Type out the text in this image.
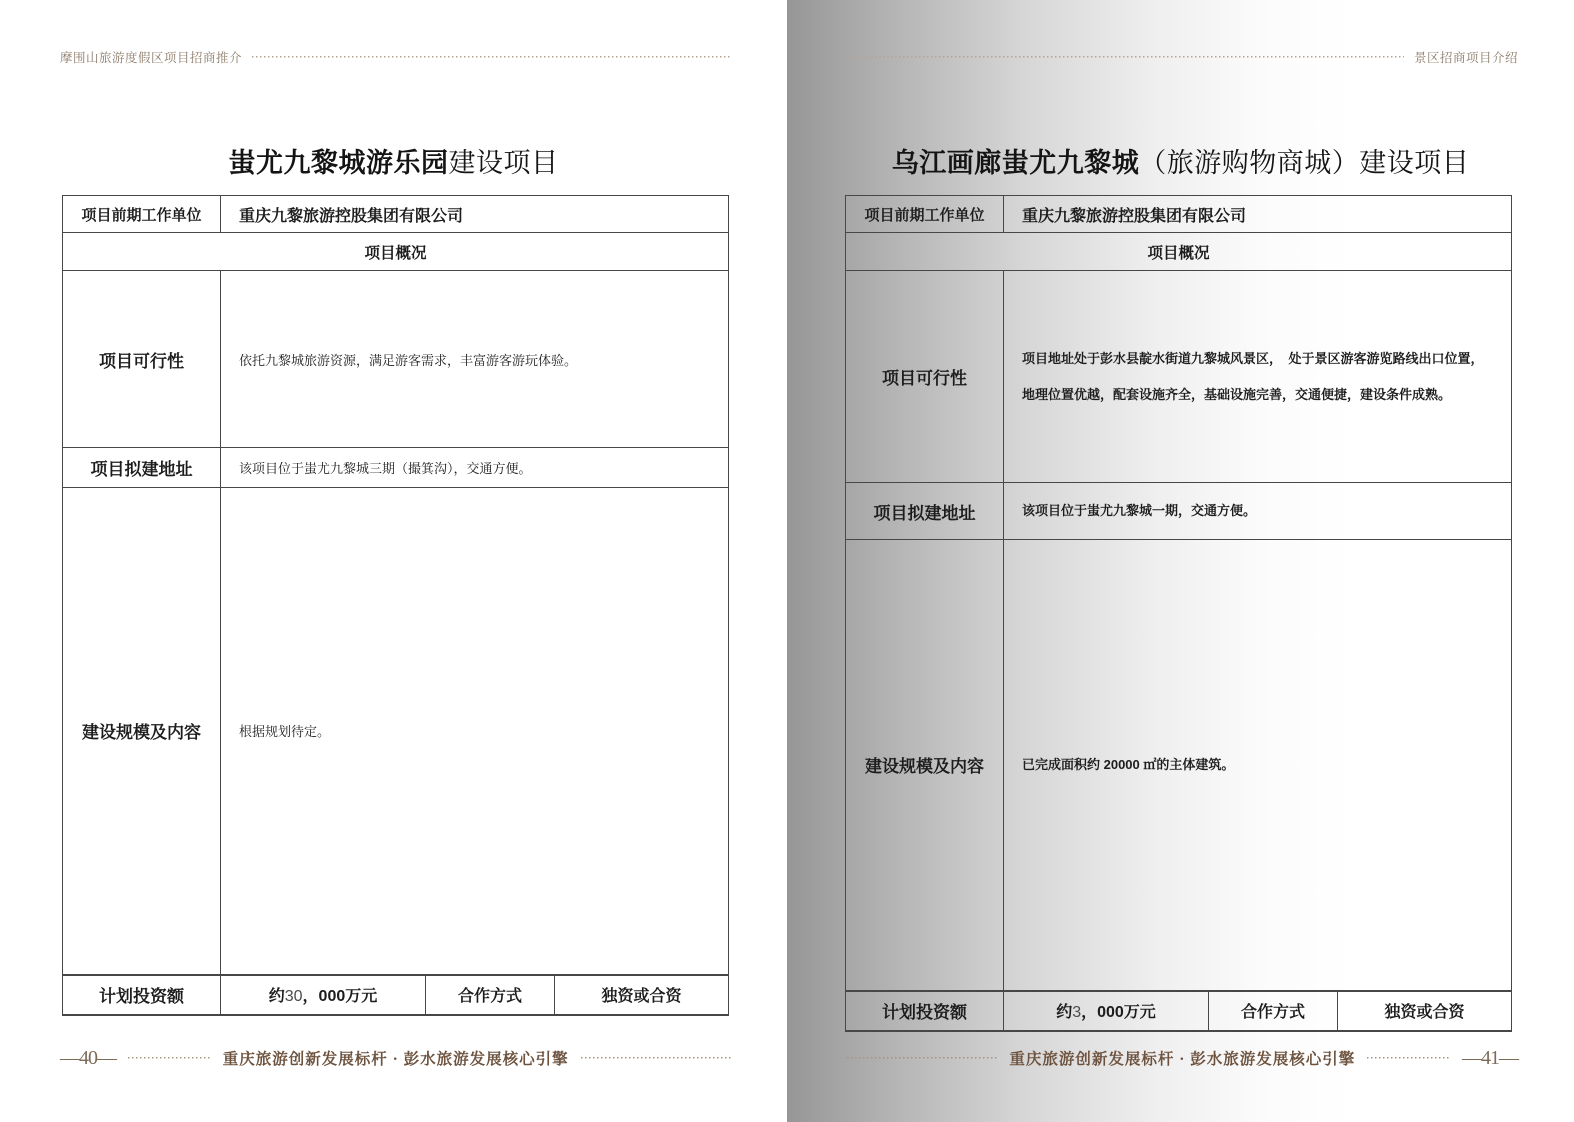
摩围山旅游度假区项目招商推介
蚩尤九黎城游乐园建设项目
项目前期工作单位	重庆九黎旅游控股集团有限公司		
项目概况			
项目可行性	依托九黎城旅游资源，满足游客需求，丰富游客游玩体验。		
项目拟建地址	该项目位于蚩尤九黎城三期（撮箕沟），交通方便。		
建设规模及内容	根据规划待定。		
计划投资额	约30，000万元	合作方式	独资或合资
—40—	重庆旅游创新发展标杆 · 彭水旅游发展核心引擎
景区招商项目介绍
乌江画廊蚩尤九黎城（旅游购物商城）建设项目
项目前期工作单位	重庆九黎旅游控股集团有限公司		
项目概况			
项目可行性	项目地址处于彭水县靛水街道九黎城风景区，　处于景区游客游览路线出口位置，地理位置优越，配套设施齐全，基础设施完善，交通便捷，建设条件成熟。		
项目拟建地址	该项目位于蚩尤九黎城一期，交通方便。		
建设规模及内容	已完成面积约 20000 ㎡的主体建筑。		
计划投资额	约3，000万元	合作方式	独资或合资
重庆旅游创新发展标杆 · 彭水旅游发展核心引擎	—41—
